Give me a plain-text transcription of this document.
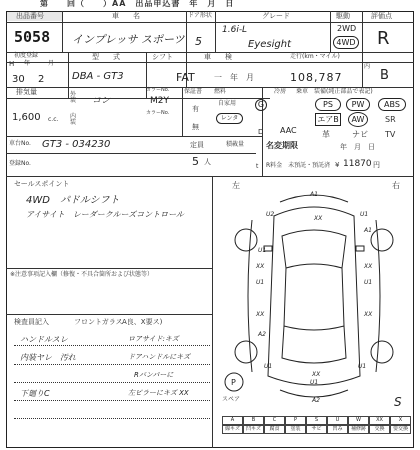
第　　回（　　）AA　出品申込書　年　月　日
出品番号
5058
車　　名
インプレッサ スポーツ
ドア形状
5
グレード
1.6i-L
Eyesight
駆動
2WD
4WD
評価点
R
初度登録
H 年	月
30 2
型　　式
DBA - GT3
シフト
FAT
車　　検
一　年　月
走行(km・マイル)
108,787
内
B
排気量
1,600 c.c.
外装 コン
カラーNo.
M2Y
内装
カラーNo.
保証書
有
無
燃料
自家用
レンタ
G
D
冷房
AAC
乗車 装備(純正部品で表記)
PS	PW	ABS
エアB	AW	SR
革	ナビ TV
車台No. GT3 - 034230
登録No.
定員
5 人
積載量
t
名変期限	年　月　日
R料金　未預託・預託済 ¥ 11870 円
セールスポイント
4WD　パドルシフト
アイサイト　レーダークルーズコントロール
※注意事項記入欄（修復・不具合箇所および状態等）
検査員記入	フロントガラス A良、X要ス)
ハンドルスレ	ロアサイド:キズ
内装ヤレ　汚れ	ドアハンドルにキズ
Rバンパーに
下廻りC	左ピラーにキズ XX
左	右
A1
XX
U2	U1
A1
U1
XX	XX
U1	U1
XX	XX
A2
U1	U1
XX
U1
A2
P
S
スペア
A	B	C	P	S	U	W	XX	X
線キズ	凹キズ	腐食	塗装	サビ	凹み	補修跡	交換	要交換
